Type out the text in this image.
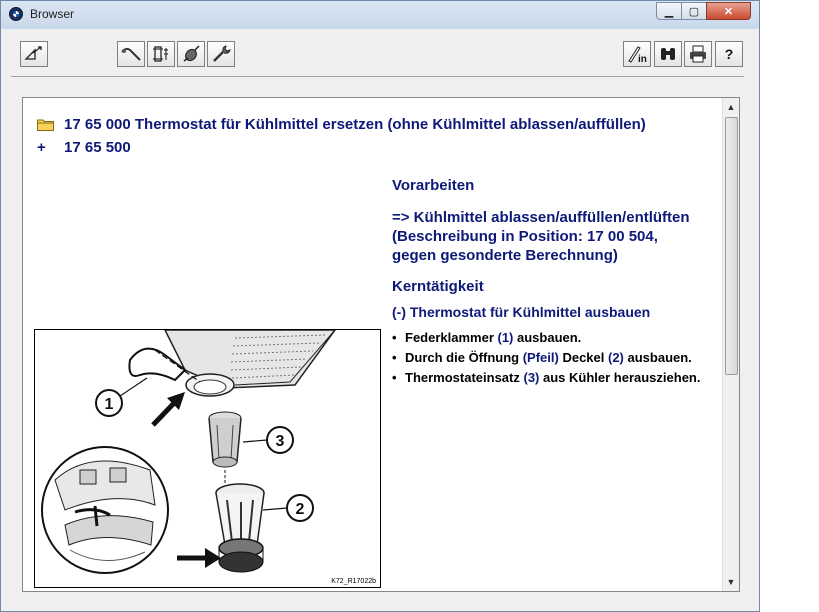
Browser	▁	▢	✕
in	?
17 65 000 Thermostat für Kühlmittel ersetzen (ohne Kühlmittel ablassen/auffüllen)
+ 17 65 500
Vorarbeiten
=> Kühlmittel ablassen/auffüllen/entlüften
(Beschreibung in Position: 17 00 504,
gegen gesonderte Berechnung)
Kerntätigkeit
(-) Thermostat für Kühlmittel ausbauen
• Federklammer (1) ausbauen.
• Durch die Öffnung (Pfeil) Deckel (2) ausbauen.
• Thermostateinsatz (3) aus Kühler herausziehen.
1
3
2
K72_R17022b
▲
▼
